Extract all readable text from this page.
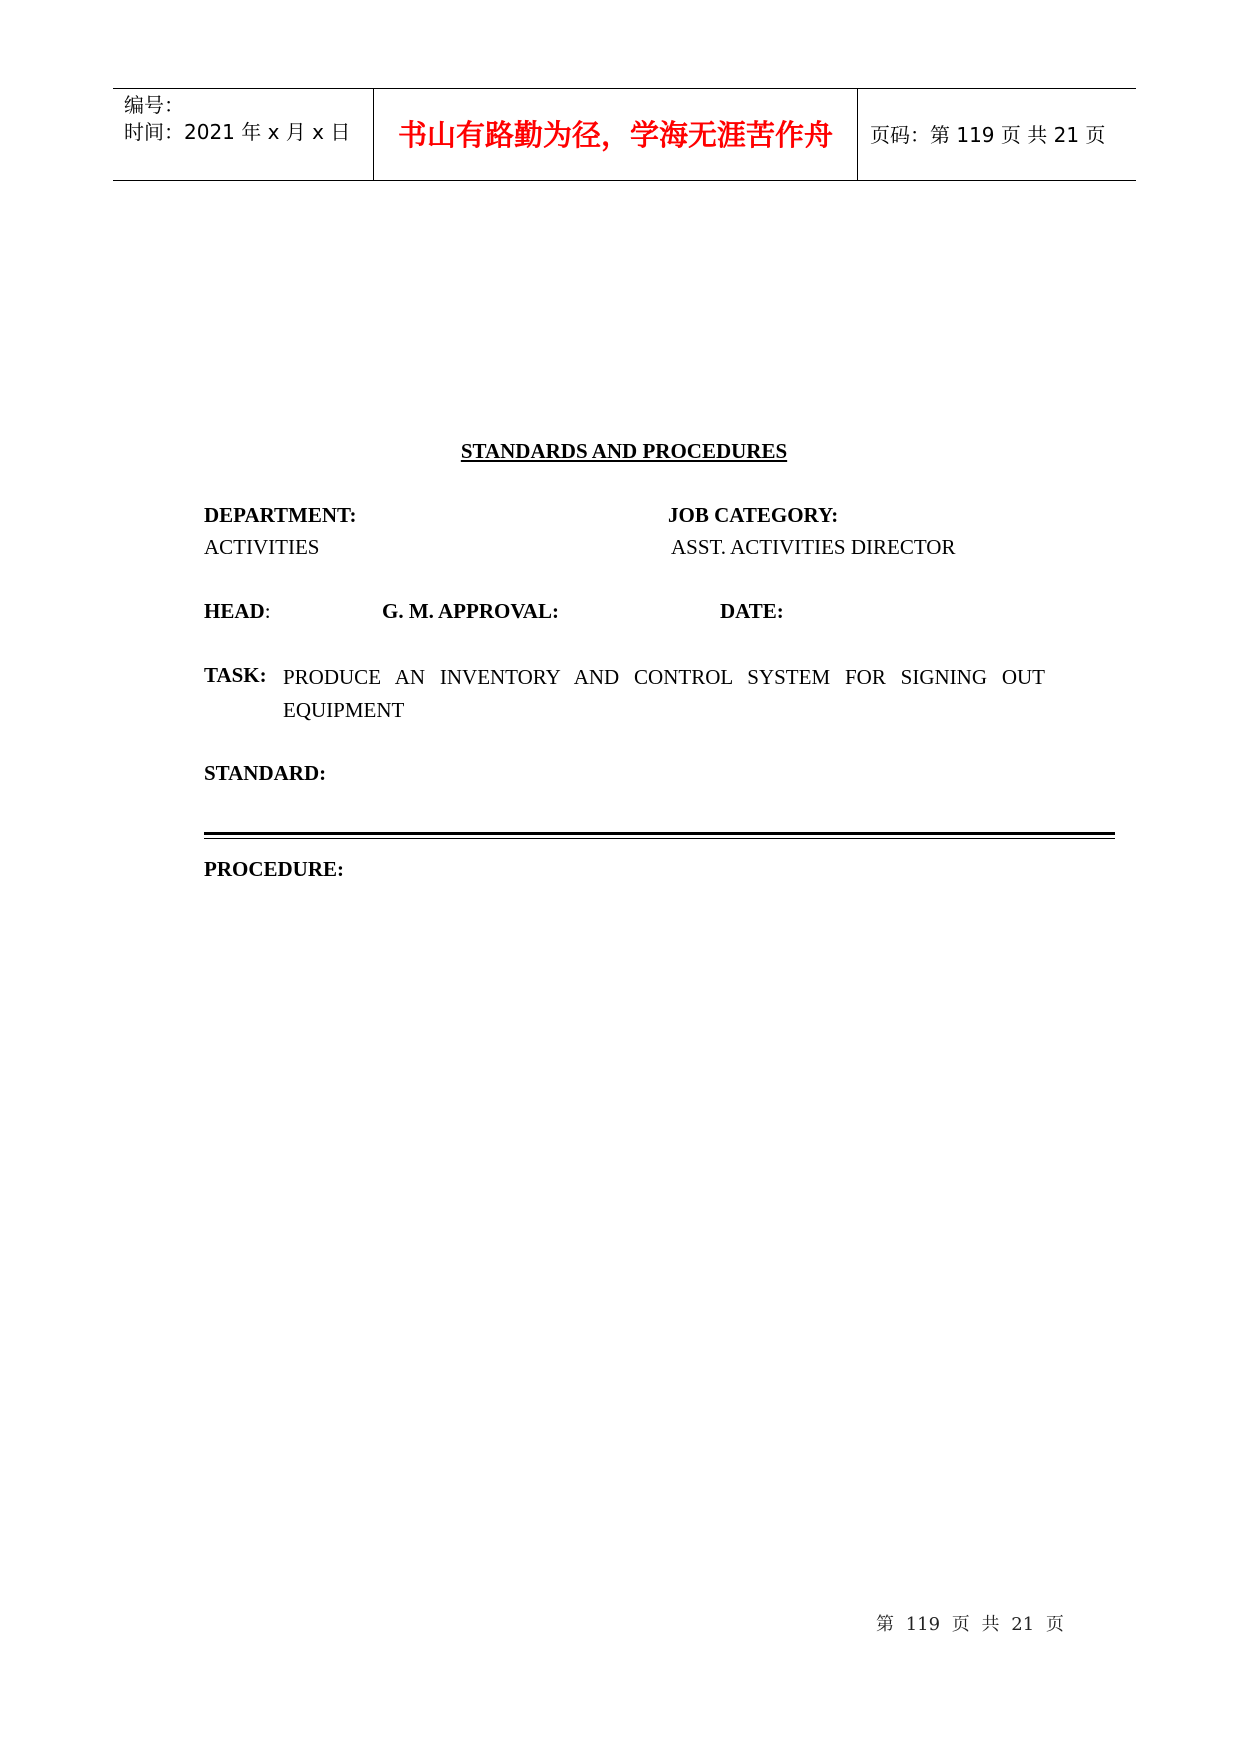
编号：
时间：2021 年 x 月 x 日	书山有路勤为径，学海无涯苦作舟	页码：第 119 页 共 21 页
STANDARDS AND PROCEDURES
DEPARTMENT:
ACTIVITIES
JOB CATEGORY:
ASST. ACTIVITIES DIRECTOR
HEAD:	G. M. APPROVAL:	DATE:
TASK: PRODUCE AN INVENTORY AND CONTROL SYSTEM FOR SIGNING OUT EQUIPMENT
STANDARD:
PROCEDURE:
第 119 页 共 21 页
